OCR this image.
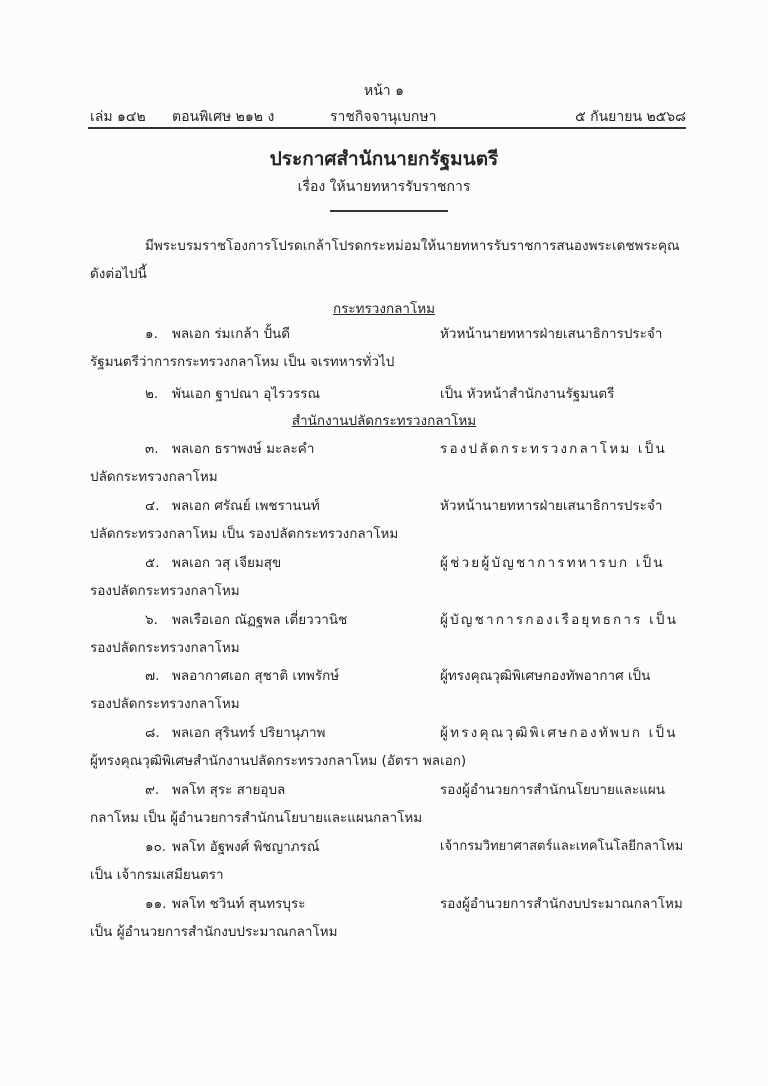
หน้า ๑
เล่ม ๑๔๒ ตอนพิเศษ ๒๑๒ ง	ราชกิจจานุเบกษา	๕ กันยายน ๒๕๖๘
ประกาศสำนักนายกรัฐมนตรี
เรื่อง ให้นายทหารรับราชการ
มีพระบรมราชโองการโปรดเกล้าโปรดกระหม่อมให้นายทหารรับราชการสนองพระเดชพระคุณ
ดังต่อไปนี้
กระทรวงกลาโหม
๑. พลเอก ร่มเกล้า ปั้นดี	หัวหน้านายทหารฝ่ายเสนาธิการประจำ
รัฐมนตรีว่าการกระทรวงกลาโหม เป็น จเรทหารทั่วไป
๒. พันเอก ฐาปณา อุไรวรรณ	เป็น หัวหน้าสำนักงานรัฐมนตรี
สำนักงานปลัดกระทรวงกลาโหม
๓. พลเอก ธราพงษ์ มะละคำ	รองปลัดกระทรวงกลาโหม เป็น
ปลัดกระทรวงกลาโหม
๔. พลเอก ศรัณย์ เพชรานนท์	หัวหน้านายทหารฝ่ายเสนาธิการประจำ
ปลัดกระทรวงกลาโหม เป็น รองปลัดกระทรวงกลาโหม
๕. พลเอก วสุ เจียมสุข	ผู้ช่วยผู้บัญชาการทหารบก เป็น
รองปลัดกระทรวงกลาโหม
๖. พลเรือเอก ณัฏฐพล เตี่ยววานิช	ผู้บัญชาการกองเรือยุทธการ เป็น
รองปลัดกระทรวงกลาโหม
๗. พลอากาศเอก สุชาติ เทพรักษ์	ผู้ทรงคุณวุฒิพิเศษกองทัพอากาศ เป็น
รองปลัดกระทรวงกลาโหม
๘. พลเอก สุรินทร์ ปริยานุภาพ	ผู้ทรงคุณวุฒิพิเศษกองทัพบก เป็น
ผู้ทรงคุณวุฒิพิเศษสำนักงานปลัดกระทรวงกลาโหม (อัตรา พลเอก)
๙. พลโท สุระ สายอุบล	รองผู้อำนวยการสำนักนโยบายและแผน
กลาโหม เป็น ผู้อำนวยการสำนักนโยบายและแผนกลาโหม
๑๐. พลโท อัฐพงศ์ พิชญาภรณ์	เจ้ากรมวิทยาศาสตร์และเทคโนโลยีกลาโหม
เป็น เจ้ากรมเสมียนตรา
๑๑. พลโท ชวินท์ สุนทรบุระ	รองผู้อำนวยการสำนักงบประมาณกลาโหม
เป็น ผู้อำนวยการสำนักงบประมาณกลาโหม
